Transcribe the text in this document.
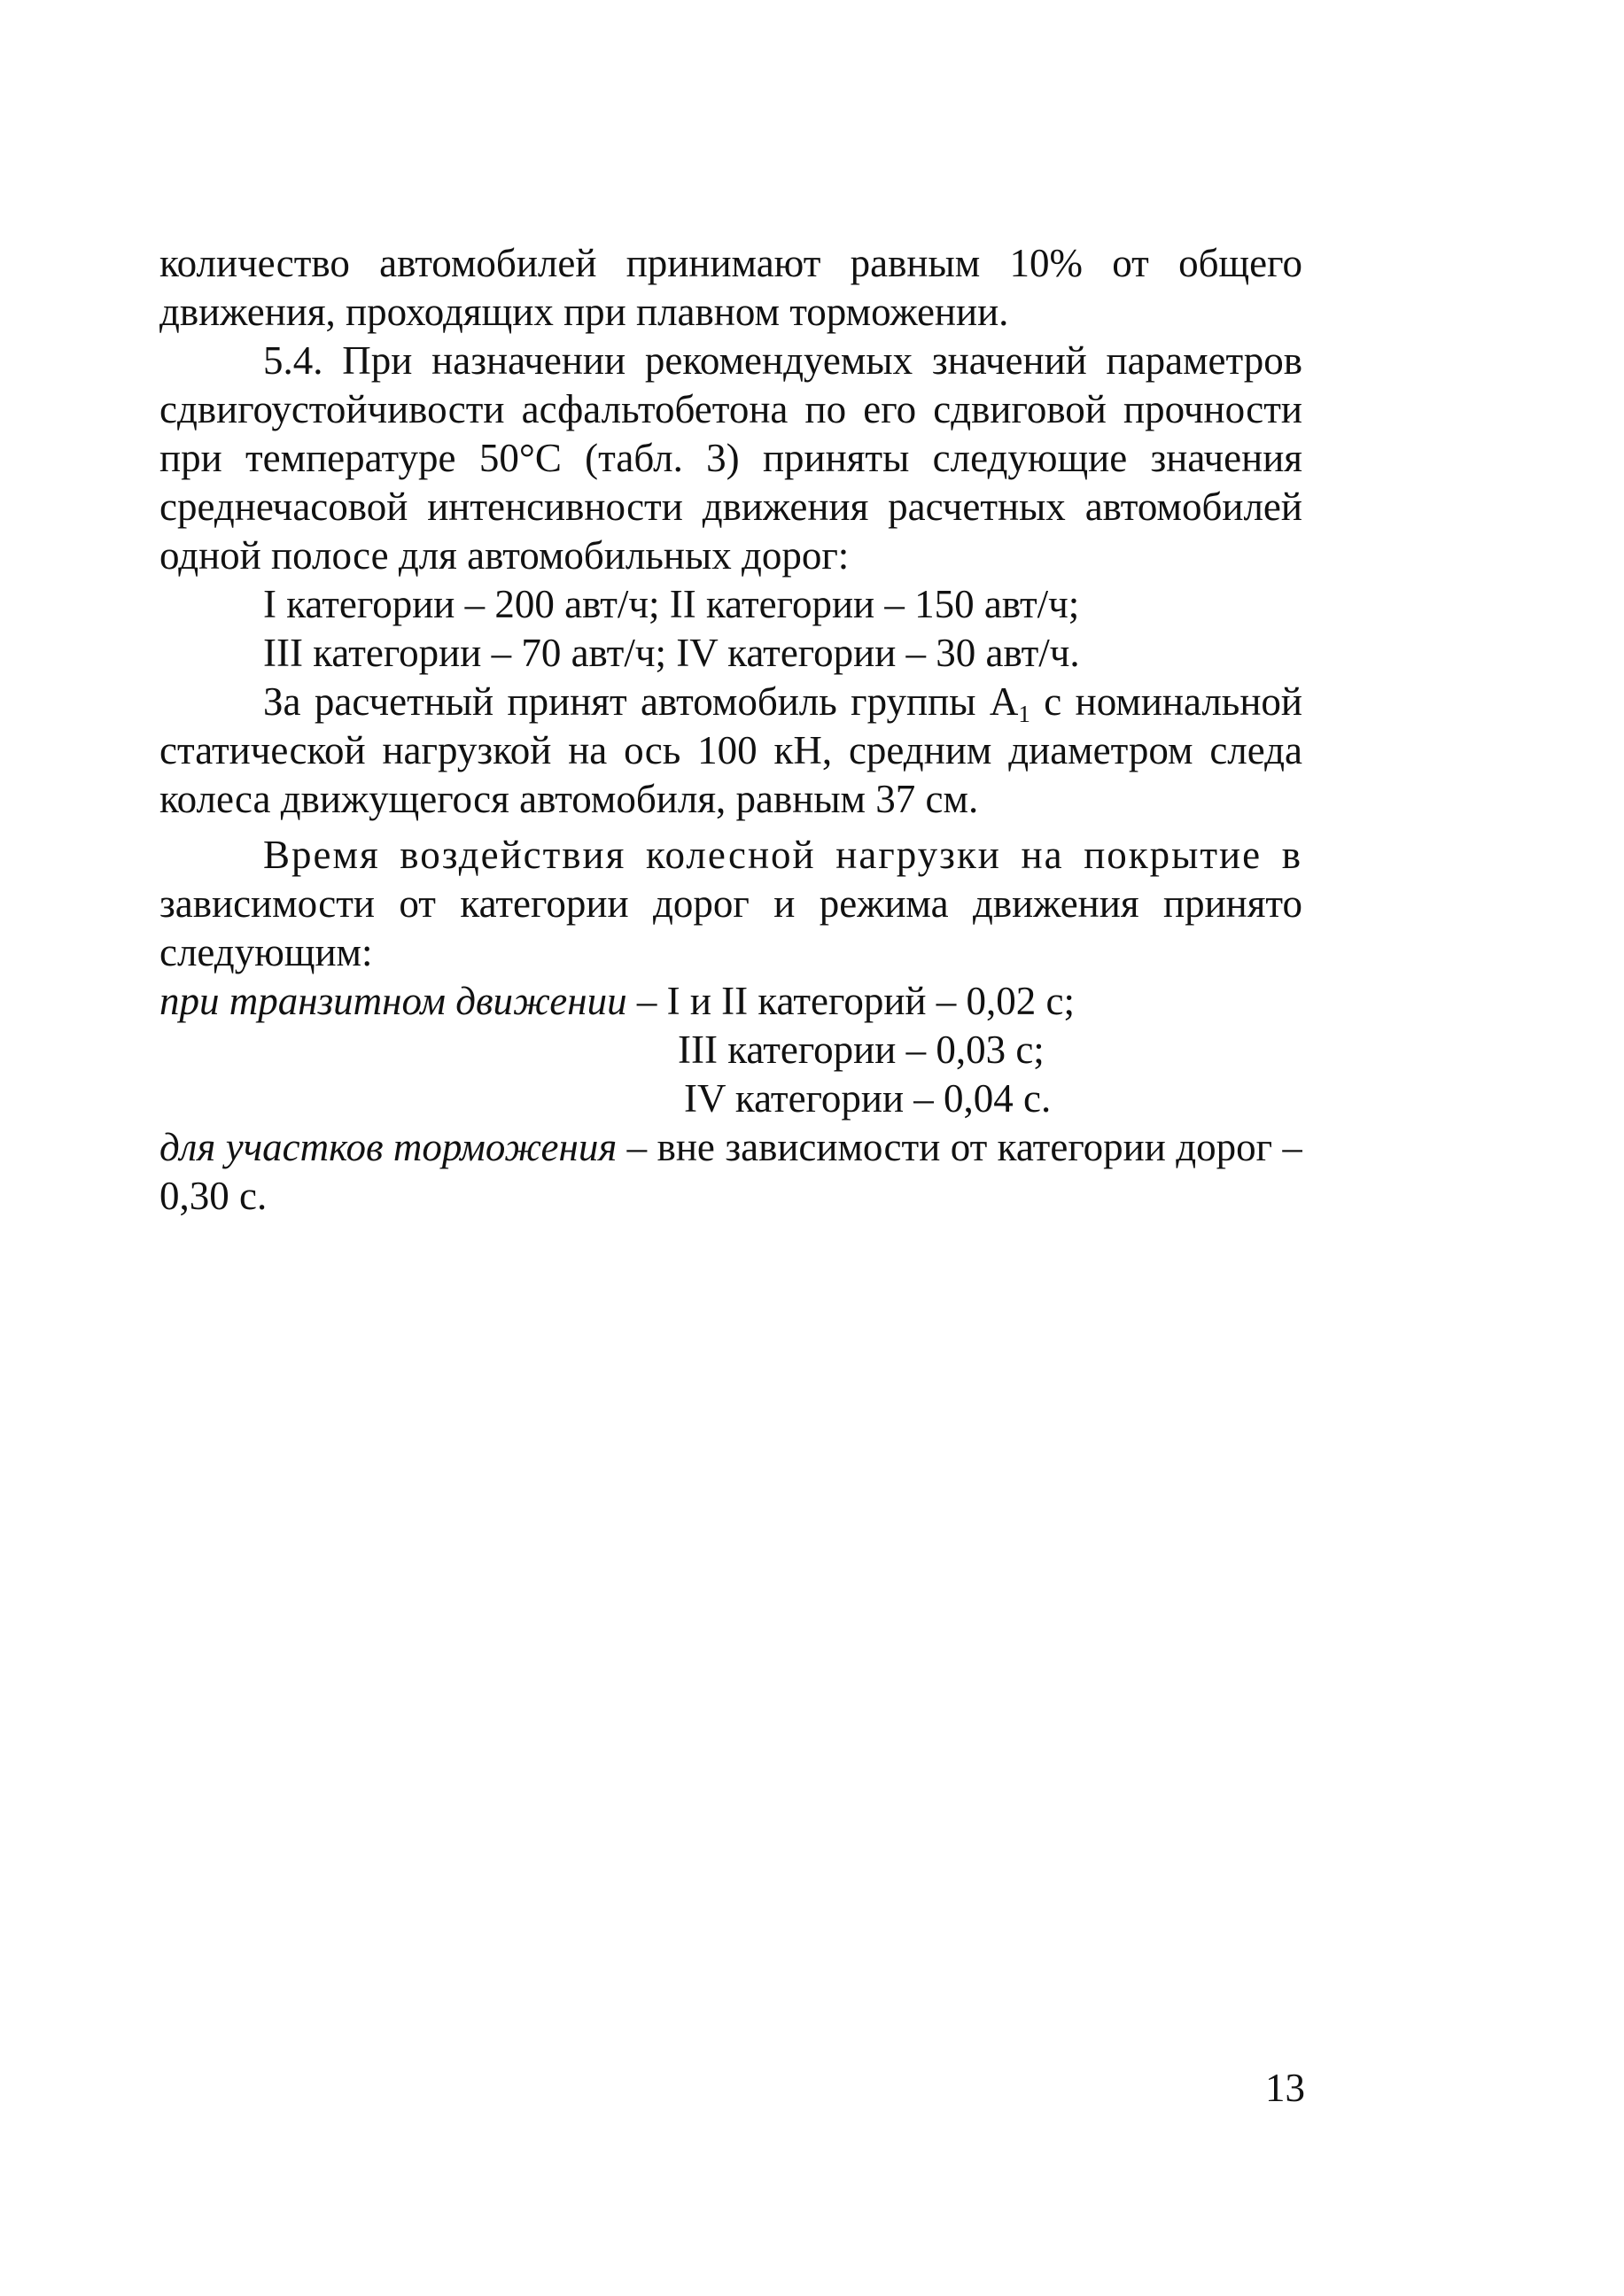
количество автомобилей принимают равным 10% от общего
движения, проходящих при плавном торможении.
5.4. При назначении рекомендуемых значений параметров
сдвигоустойчивости асфальтобетона по его сдвиговой прочности
при температуре 50°С (табл. 3) приняты следующие значения
среднечасовой интенсивности движения расчетных автомобилей
одной полосе для автомобильных дорог:
I категории – 200 авт/ч; II категории – 150 авт/ч;
III категории – 70 авт/ч; IV категории – 30 авт/ч.
За расчетный принят автомобиль группы $А_1$ с номинальной
статической нагрузкой на ось 100 кН, средним диаметром следа
колеса движущегося автомобиля, равным 37 см.
Время воздействия колесной нагрузки на покрытие в
зависимости от категории дорог и режима движения принято
следующим:
при транзитном движении – I и II категорий – 0,02 с;
III категории – 0,03 с;
IV категории – 0,04 с.
для участков торможения – вне зависимости от категории дорог –
0,30 с.
13
